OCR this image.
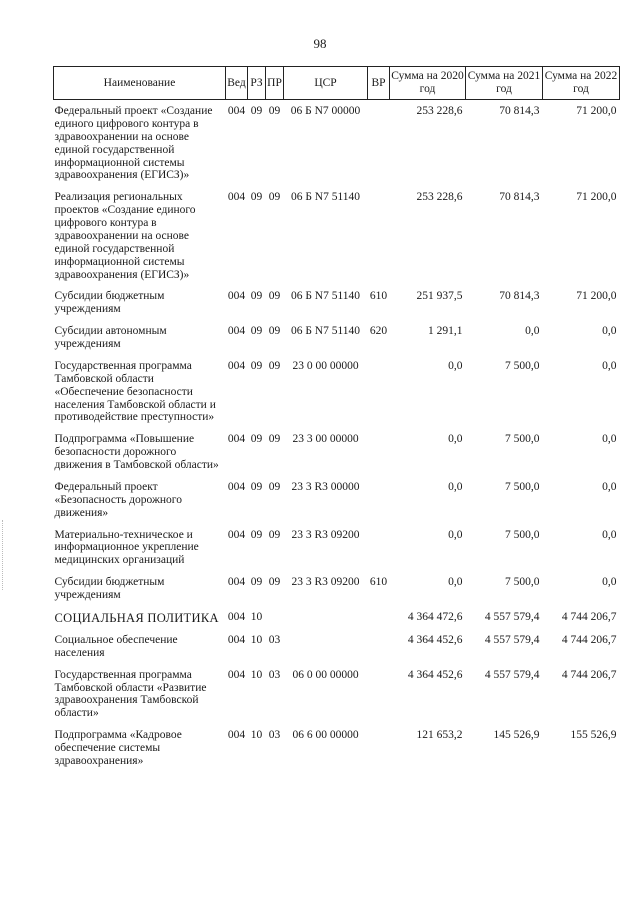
98
Наименование	Вед	РЗ	ПР	ЦСР	ВР	Сумма на 2020 год	Сумма на 2021 год	Сумма на 2022 год
Федеральный проект «Создание единого цифрового контура в здравоохранении на основе единой государственной информационной системы здравоохранения (ЕГИСЗ)»	004	09	09	06 Б N7 00000		253 228,6	70 814,3	71 200,0
Реализация региональных проектов «Создание единого цифрового контура в здравоохранении на основе единой государственной информационной системы здравоохранения (ЕГИСЗ)»	004	09	09	06 Б N7 51140		253 228,6	70 814,3	71 200,0
Субсидии бюджетным учреждениям	004	09	09	06 Б N7 51140	610	251 937,5	70 814,3	71 200,0
Субсидии автономным учреждениям	004	09	09	06 Б N7 51140	620	1 291,1	0,0	0,0
Государственная программа Тамбовской области «Обеспечение безопасности населения Тамбовской области и противодействие преступности»	004	09	09	23 0 00 00000		0,0	7 500,0	0,0
Подпрограмма «Повышение безопасности дорожного движения в Тамбовской области»	004	09	09	23 3 00 00000		0,0	7 500,0	0,0
Федеральный проект «Безопасность дорожного движения»	004	09	09	23 3 R3 00000		0,0	7 500,0	0,0
Материально-техническое и информационное укрепление медицинских организаций	004	09	09	23 3 R3 09200		0,0	7 500,0	0,0
Субсидии бюджетным учреждениям	004	09	09	23 3 R3 09200	610	0,0	7 500,0	0,0
СОЦИАЛЬНАЯ ПОЛИТИКА	004	10				4 364 472,6	4 557 579,4	4 744 206,7
Социальное обеспечение населения	004	10	03			4 364 452,6	4 557 579,4	4 744 206,7
Государственная программа Тамбовской области «Развитие здравоохранения Тамбовской области»	004	10	03	06 0 00 00000		4 364 452,6	4 557 579,4	4 744 206,7
Подпрограмма «Кадровое обеспечение системы здравоохранения»	004	10	03	06 6 00 00000		121 653,2	145 526,9	155 526,9
